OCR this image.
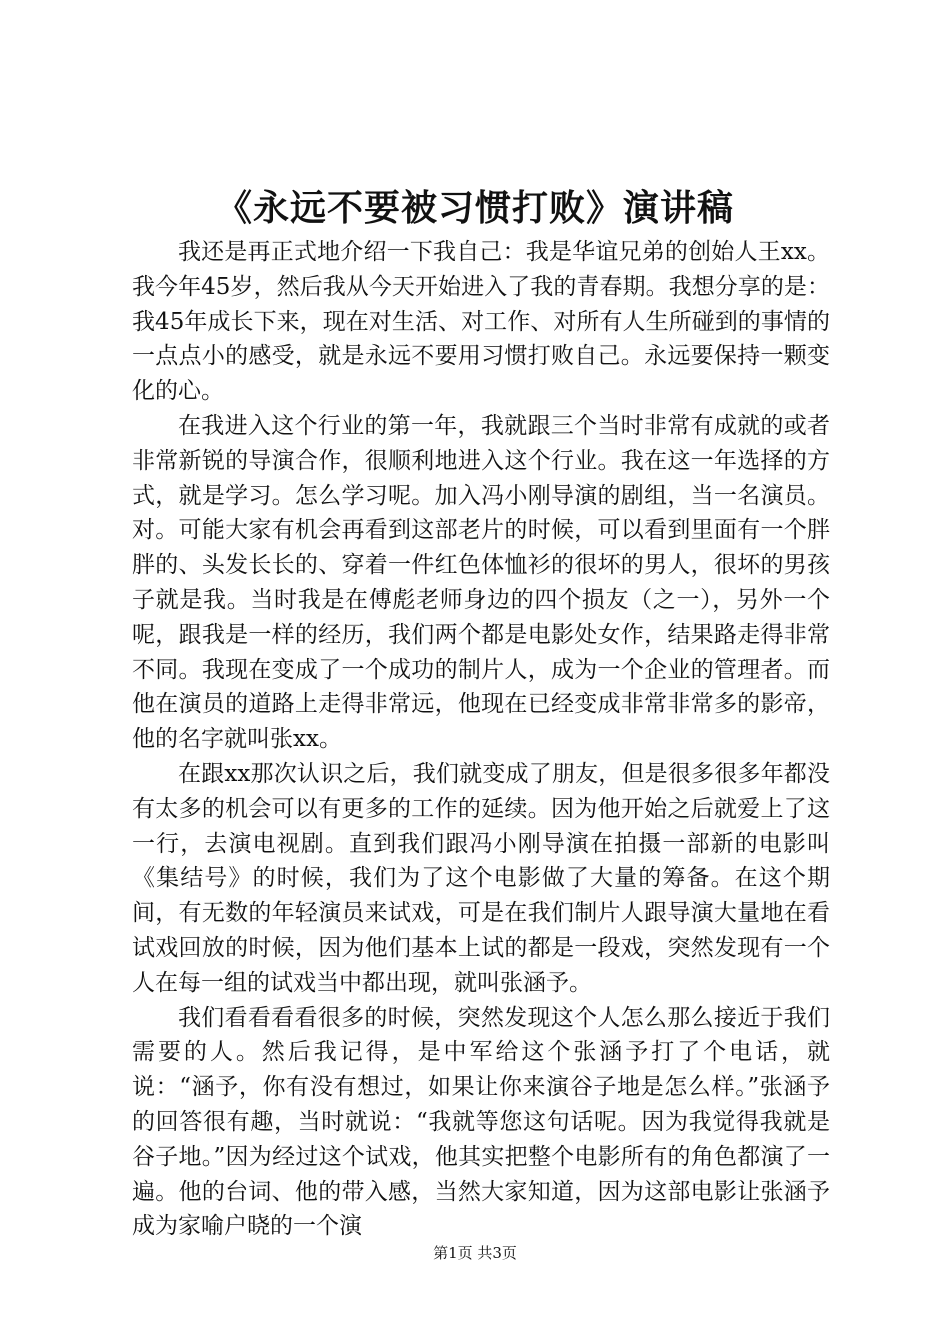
《永远不要被习惯打败》演讲稿

我还是再正式地介绍一下我自己：我是华谊兄弟的创始人王xx。我今年45岁，然后我从今天开始进入了我的青春期。我想分享的是：我45年成长下来，现在对生活、对工作、对所有人生所碰到的事情的一点点小的感受，就是永远不要用习惯打败自己。永远要保持一颗变化的心。

在我进入这个行业的第一年，我就跟三个当时非常有成就的或者非常新锐的导演合作，很顺利地进入这个行业。我在这一年选择的方式，就是学习。怎么学习呢。加入冯小刚导演的剧组，当一名演员。对。可能大家有机会再看到这部老片的时候，可以看到里面有一个胖胖的、头发长长的、穿着一件红色体恤衫的很坏的男人，很坏的男孩子就是我。当时我是在傅彪老师身边的四个损友（之一），另外一个呢，跟我是一样的经历，我们两个都是电影处女作，结果路走得非常不同。我现在变成了一个成功的制片人，成为一个企业的管理者。而他在演员的道路上走得非常远，他现在已经变成非常非常多的影帝，他的名字就叫张xx。

在跟xx那次认识之后，我们就变成了朋友，但是很多很多年都没有太多的机会可以有更多的工作的延续。因为他开始之后就爱上了这一行，去演电视剧。直到我们跟冯小刚导演在拍摄一部新的电影叫《集结号》的时候，我们为了这个电影做了大量的筹备。在这个期间，有无数的年轻演员来试戏，可是在我们制片人跟导演大量地在看试戏回放的时候，因为他们基本上试的都是一段戏，突然发现有一个人在每一组的试戏当中都出现，就叫张涵予。

我们看看看看很多的时候，突然发现这个人怎么那么接近于我们需要的人。然后我记得，是中军给这个张涵予打了个电话，就说：“涵予，你有没有想过，如果让你来演谷子地是怎么样。”张涵予的回答很有趣，当时就说：“我就等您这句话呢。因为我觉得我就是谷子地。”因为经过这个试戏，他其实把整个电影所有的角色都演了一遍。他的台词、他的带入感，当然大家知道，因为这部电影让张涵予成为家喻户晓的一个演

第1页 共3页
